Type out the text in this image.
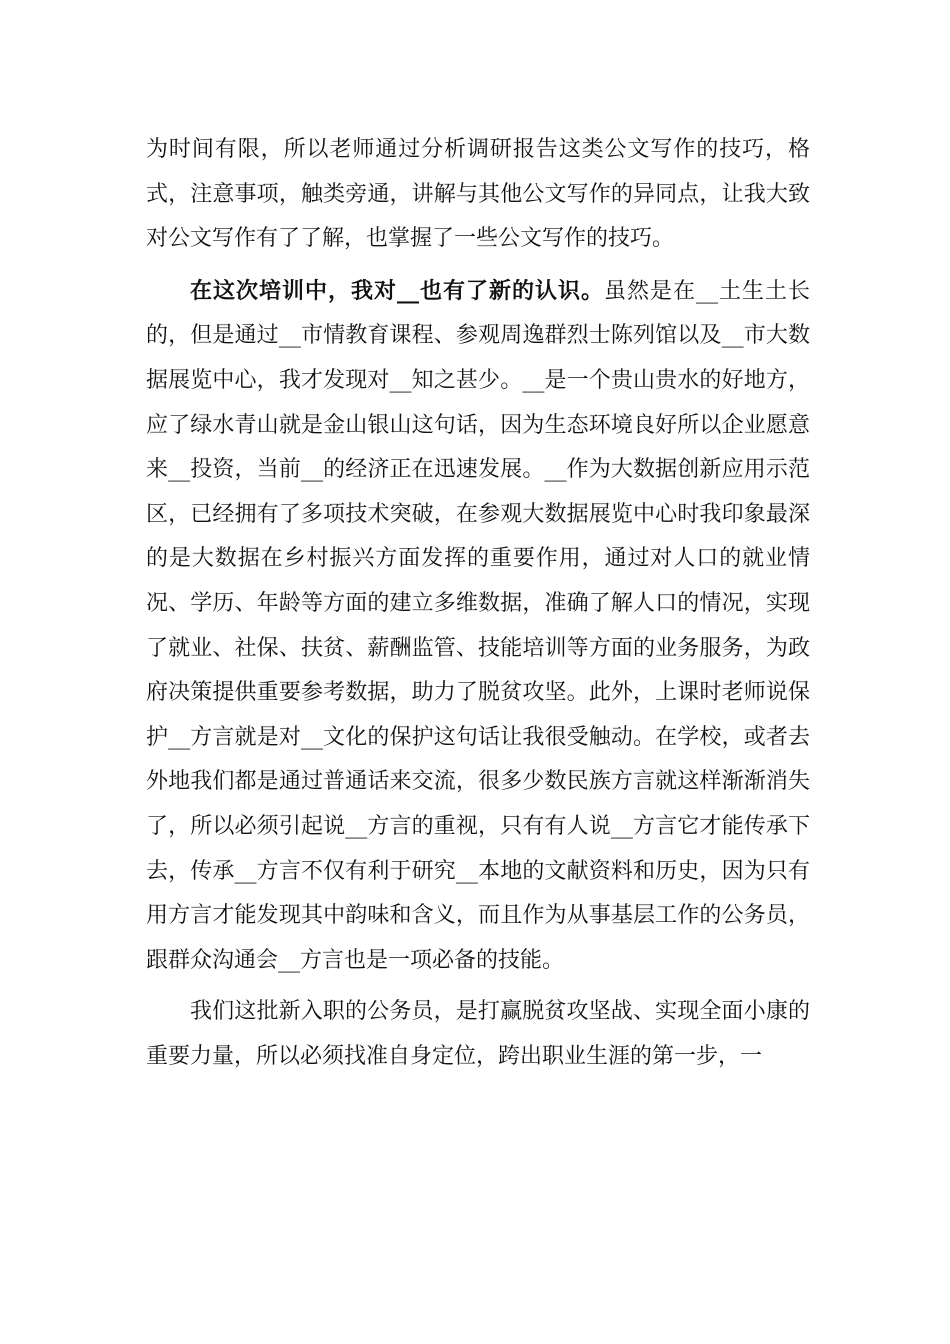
为时间有限，所以老师通过分析调研报告这类公文写作的技巧，格式，注意事项，触类旁通，讲解与其他公文写作的异同点，让我大致对公文写作有了了解，也掌握了一些公文写作的技巧。

在这次培训中，我对__也有了新的认识。虽然是在__土生土长的，但是通过__市情教育课程、参观周逸群烈士陈列馆以及__市大数据展览中心，我才发现对__知之甚少。__是一个贵山贵水的好地方，应了绿水青山就是金山银山这句话，因为生态环境良好所以企业愿意来__投资，当前__的经济正在迅速发展。__作为大数据创新应用示范区，已经拥有了多项技术突破，在参观大数据展览中心时我印象最深的是大数据在乡村振兴方面发挥的重要作用，通过对人口的就业情况、学历、年龄等方面的建立多维数据，准确了解人口的情况，实现了就业、社保、扶贫、薪酬监管、技能培训等方面的业务服务，为政府决策提供重要参考数据，助力了脱贫攻坚。此外，上课时老师说保护__方言就是对__文化的保护这句话让我很受触动。在学校，或者去外地我们都是通过普通话来交流，很多少数民族方言就这样渐渐消失了，所以必须引起说__方言的重视，只有有人说__方言它才能传承下去，传承__方言不仅有利于研究__本地的文献资料和历史，因为只有用方言才能发现其中韵味和含义，而且作为从事基层工作的公务员，跟群众沟通会__方言也是一项必备的技能。

我们这批新入职的公务员，是打赢脱贫攻坚战、实现全面小康的重要力量，所以必须找准自身定位，跨出职业生涯的第一步，一
